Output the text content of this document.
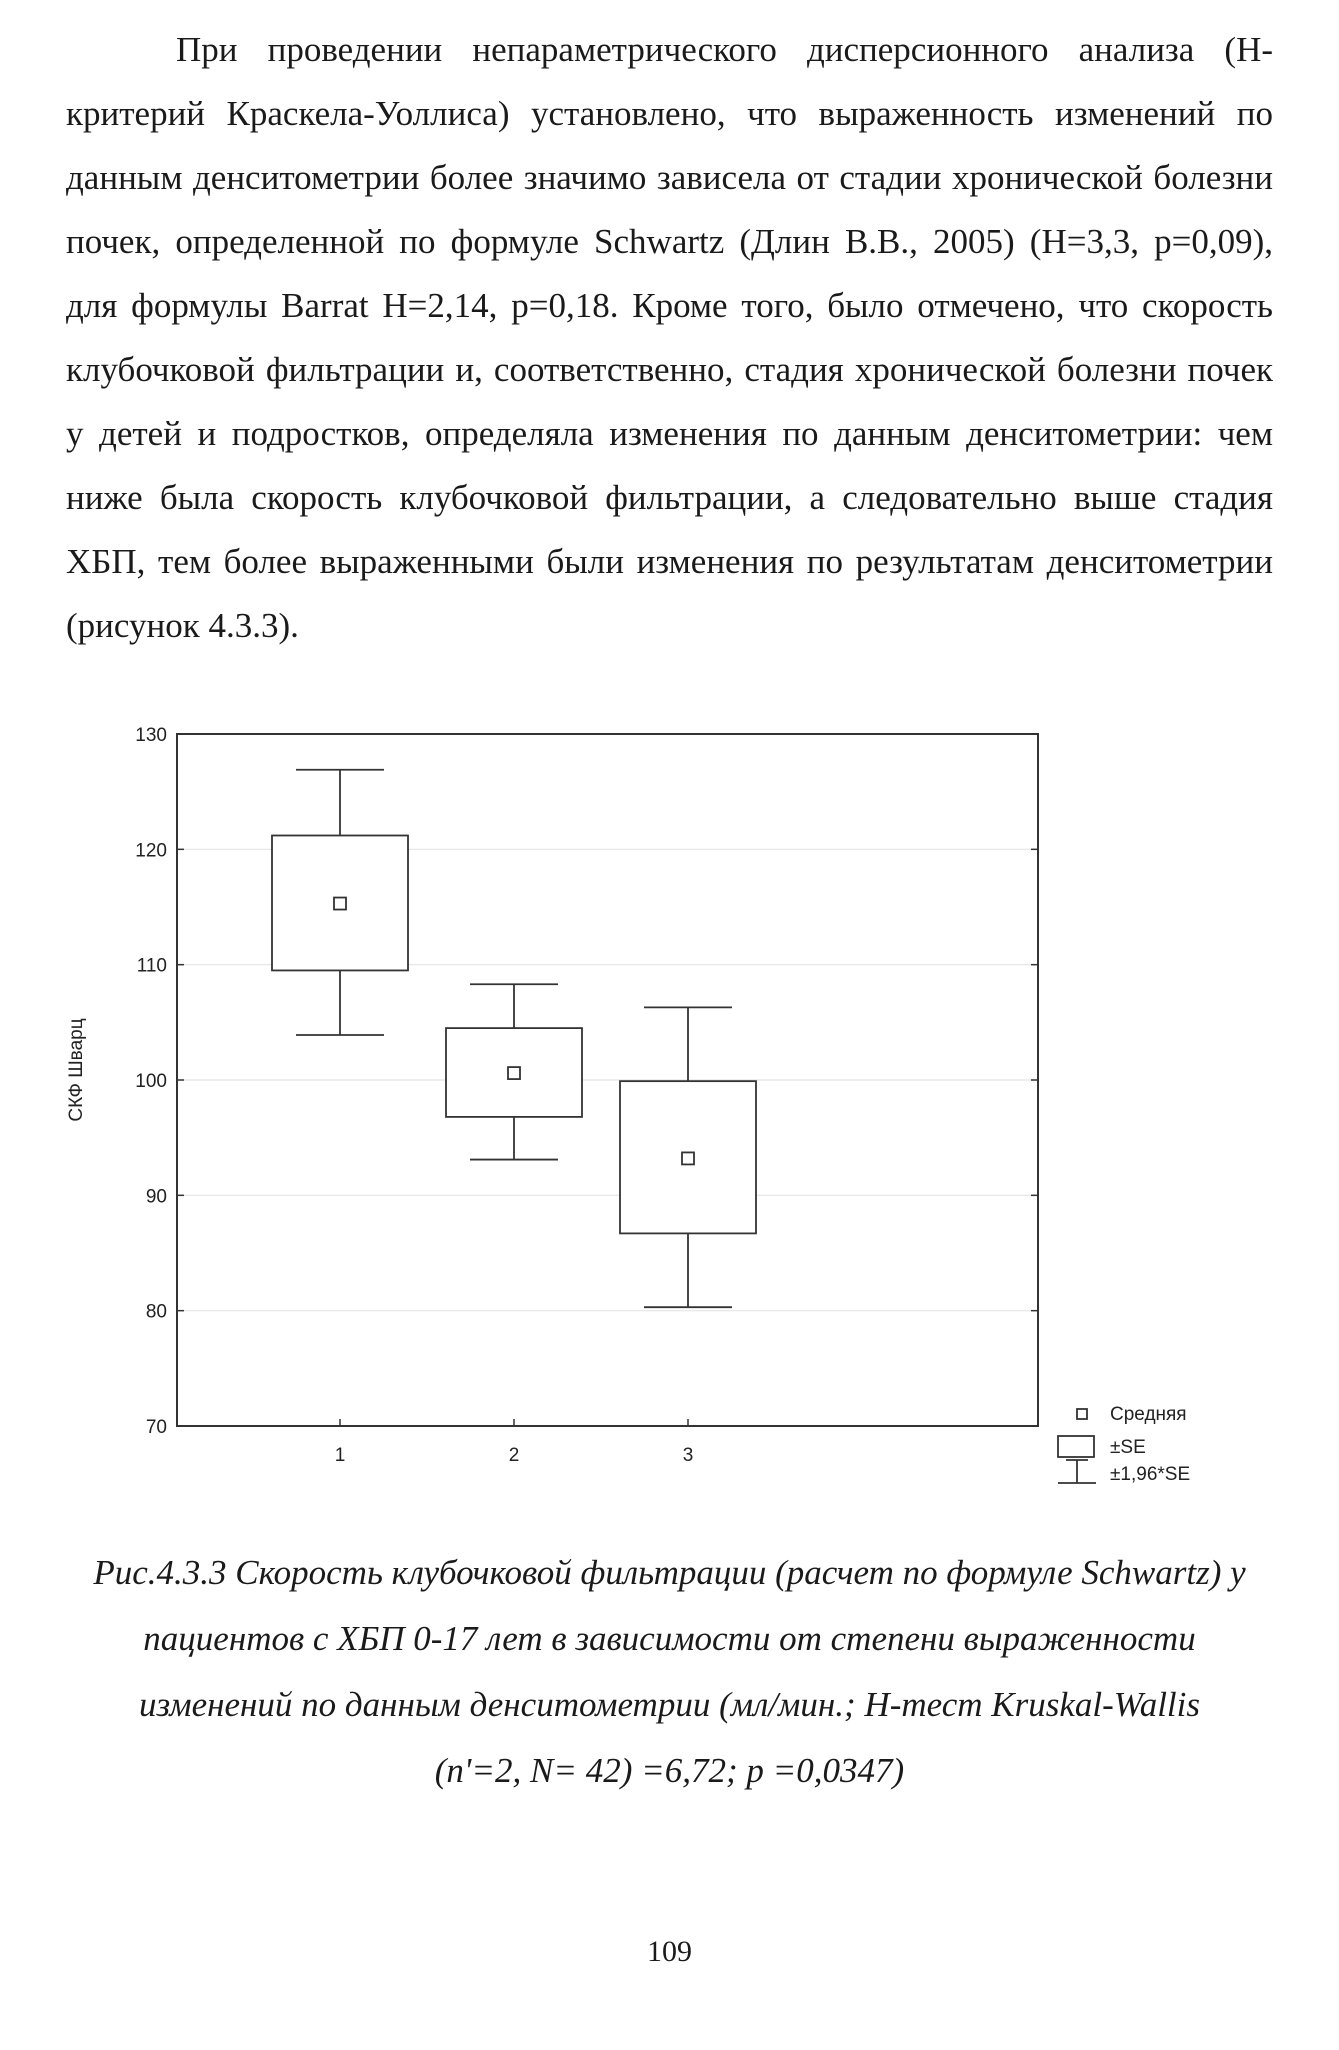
При проведении непараметрического дисперсионного анализа (Н-критерий Краскела-Уоллиса) установлено, что выраженность изменений по данным денситометрии более значимо зависела от стадии хронической болезни почек, определенной по формуле Schwartz (Длин В.В., 2005) (Н=3,3, р=0,09), для формулы Barrat Н=2,14, р=0,18. Кроме того, было отмечено, что скорость клубочковой фильтрации и, соответственно, стадия хронической болезни почек у детей и подростков, определяла изменения по данным денситометрии: чем ниже была скорость клубочковой фильтрации, а следовательно выше стадия ХБП, тем более выраженными были изменения по результатам денситометрии (рисунок 4.3.3).

70
80
90
100
110
120
130
1	2	3
СКФ Шварц
Средняя
±SE
±1,96*SE
Рис.4.3.3 Скорость клубочковой фильтрации (расчет по формуле Schwartz) у
пациентов с ХБП 0-17 лет в зависимости от степени выраженности
изменений по данным денситометрии (мл/мин.; Н-тест Kruskal-Wallis
(n'=2, N= 42) =6,72; р =0,0347)
109
